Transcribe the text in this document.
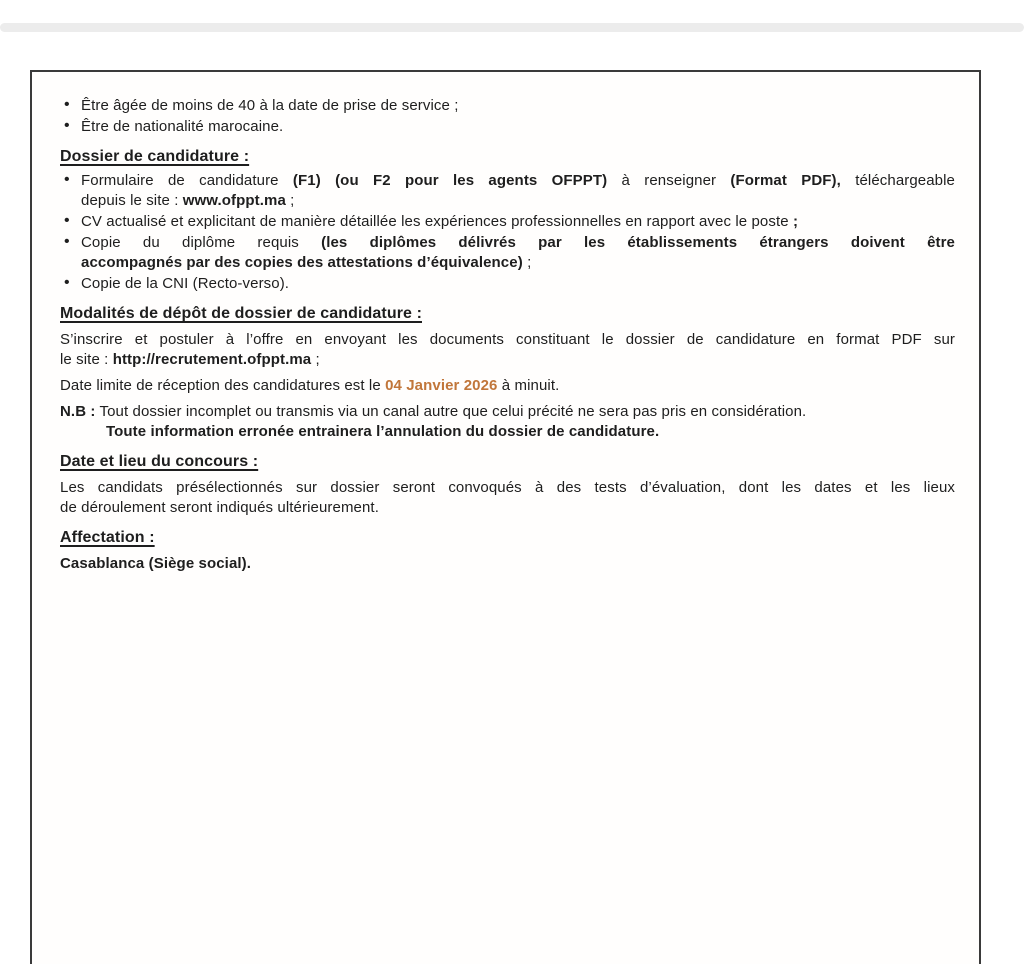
• Être âgée de moins de 40 à la date de prise de service ;
• Être de nationalité marocaine.
Dossier de candidature :
• Formulaire de candidature (F1) (ou F2 pour les agents OFPPT) à renseigner (Format PDF), téléchargeable
depuis le site : www.ofppt.ma ;
• CV actualisé et explicitant de manière détaillée les expériences professionnelles en rapport avec le poste ;
• Copie du diplôme requis (les diplômes délivrés par les établissements étrangers doivent être
accompagnés par des copies des attestations d’équivalence) ;
• Copie de la CNI (Recto-verso).
Modalités de dépôt de dossier de candidature :
S’inscrire et postuler à l’offre en envoyant les documents constituant le dossier de candidature en format PDF sur
le site : http://recrutement.ofppt.ma ;
Date limite de réception des candidatures est le 04 Janvier 2026 à minuit.
N.B : Tout dossier incomplet ou transmis via un canal autre que celui précité ne sera pas pris en considération.
Toute information erronée entrainera l’annulation du dossier de candidature.
Date et lieu du concours :
Les candidats présélectionnés sur dossier seront convoqués à des tests d’évaluation, dont les dates et les lieux
de déroulement seront indiqués ultérieurement.
Affectation :
Casablanca (Siège social).
